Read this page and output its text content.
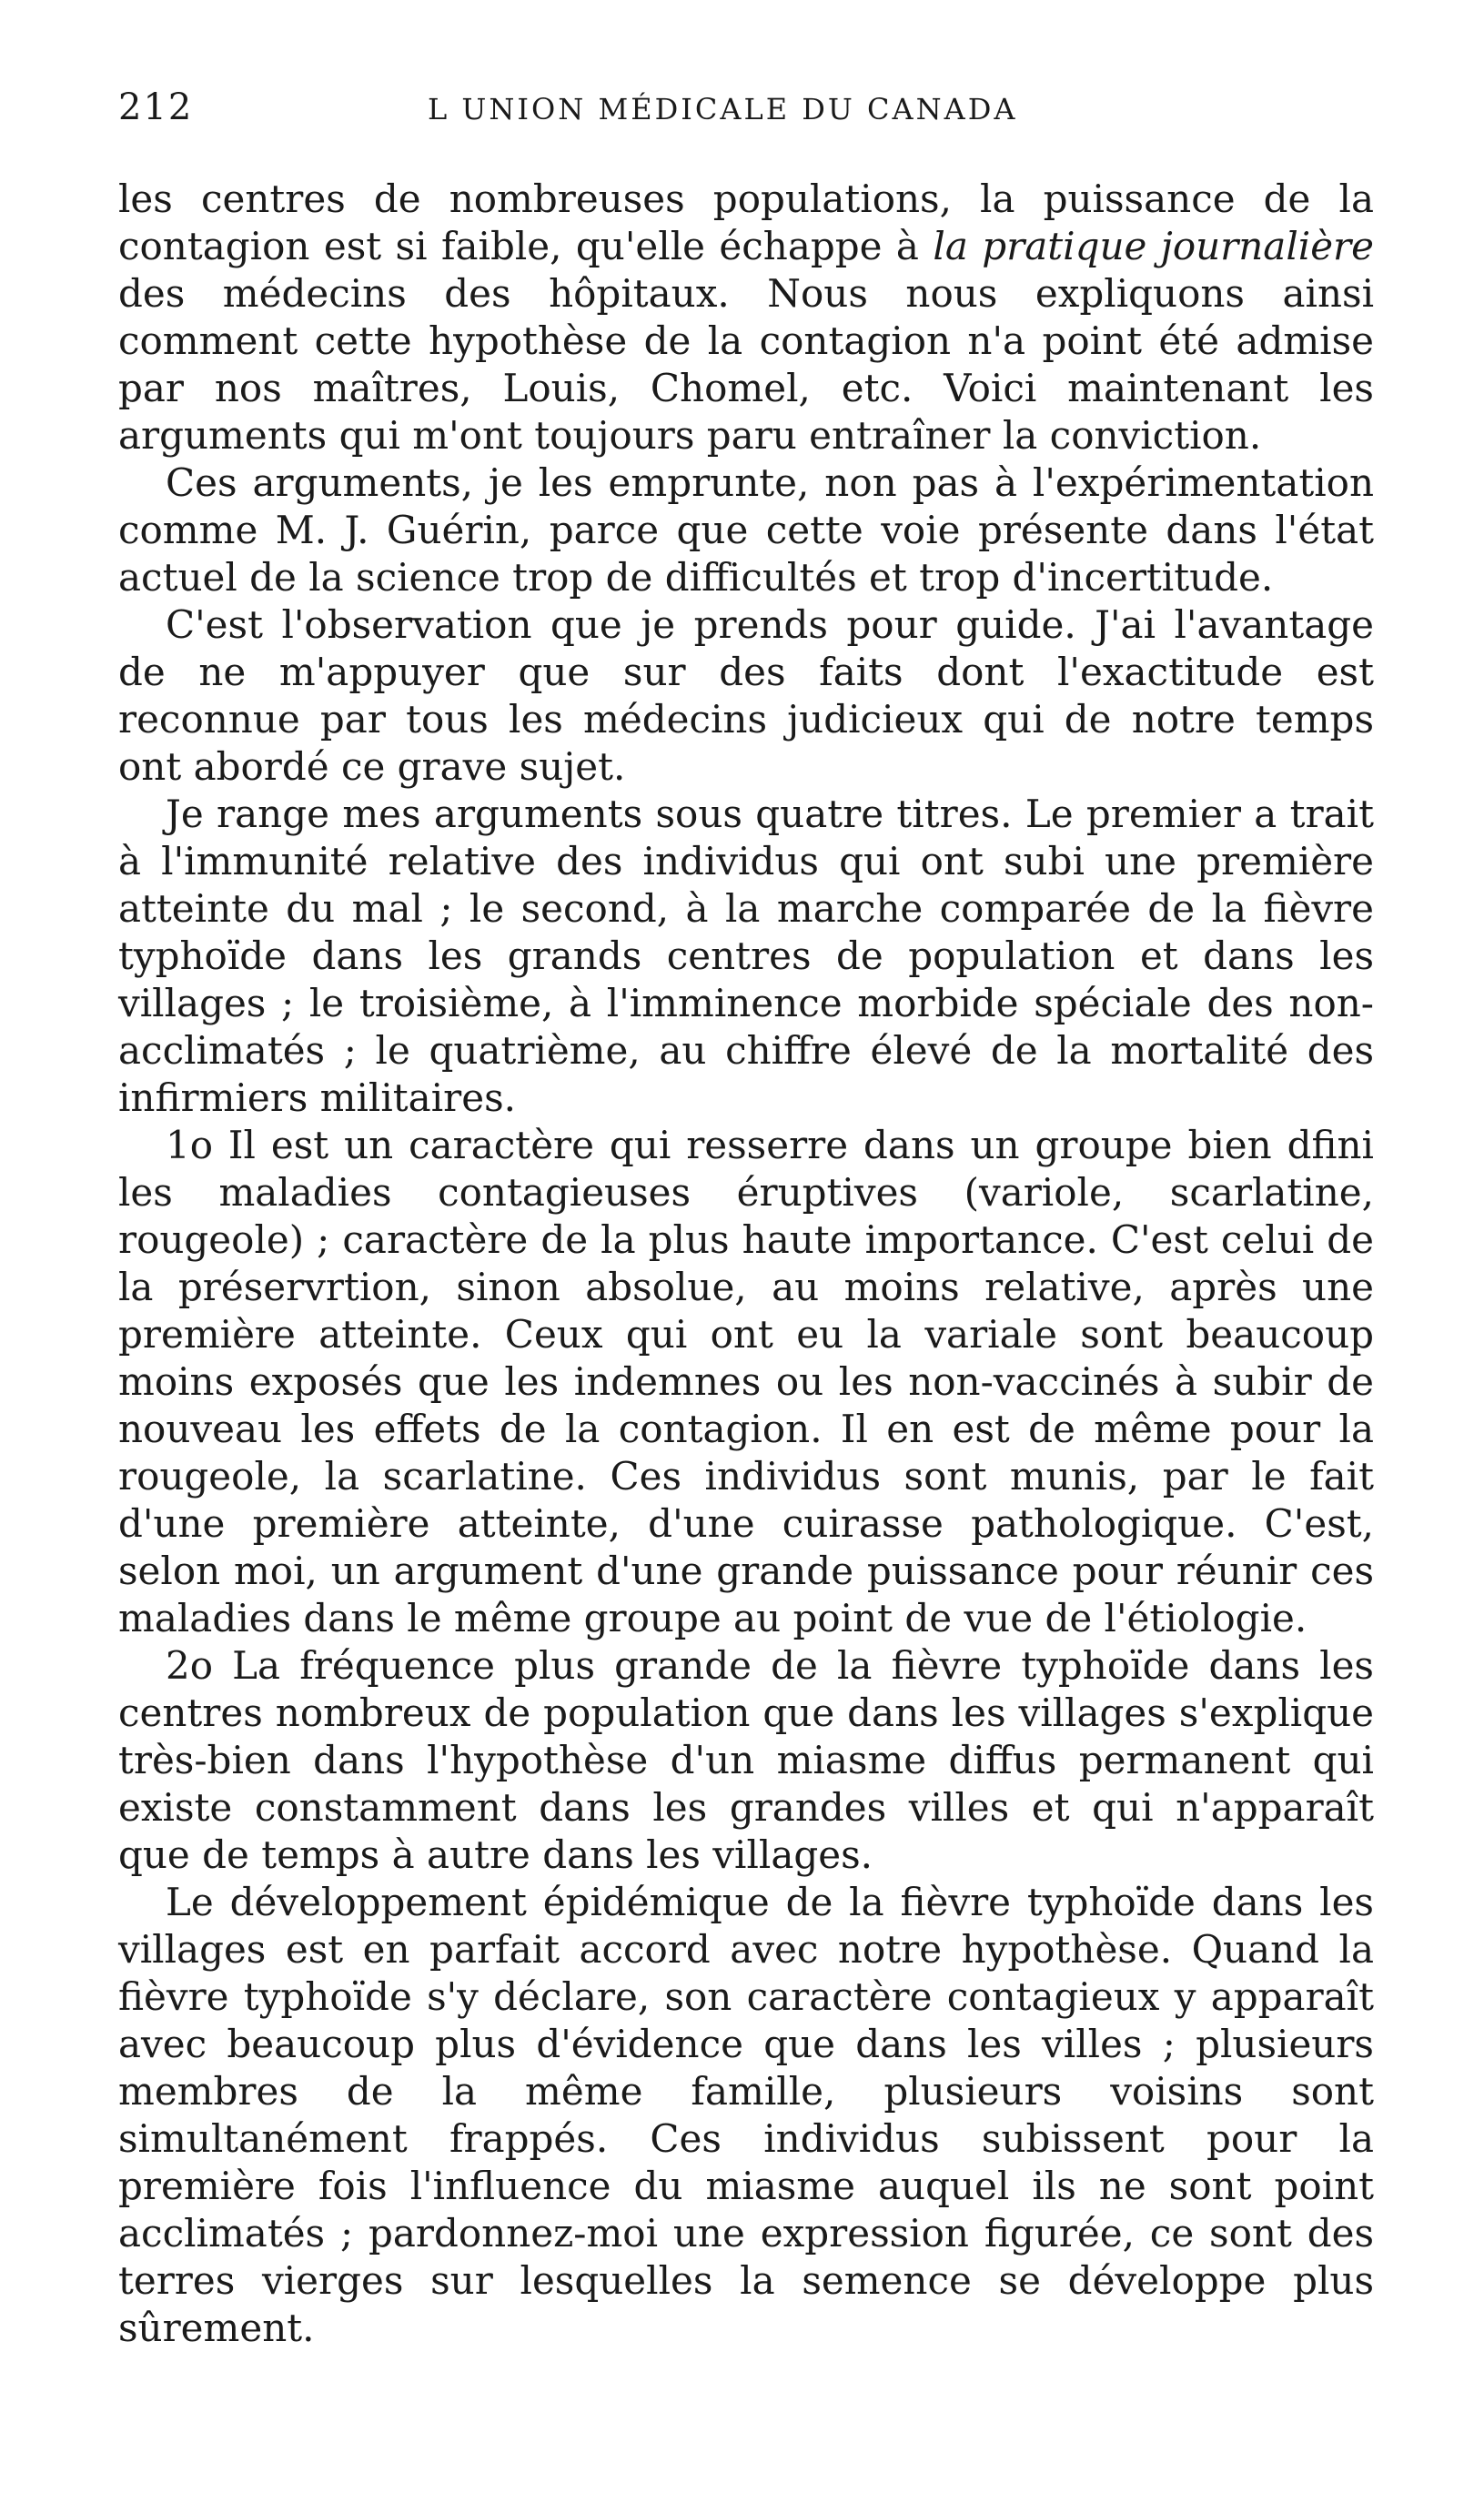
212	L UNION MÉDICALE DU CANADA

les centres de nombreuses populations, la puissance de la contagion est si faible, qu'elle échappe à la pratique journalière des médecins des hôpitaux. Nous nous expliquons ainsi comment cette hypothèse de la contagion n'a point été admise par nos maîtres, Louis, Chomel, etc. Voici maintenant les arguments qui m'ont toujours paru entraîner la conviction.

Ces arguments, je les emprunte, non pas à l'expérimentation comme M. J. Guérin, parce que cette voie présente dans l'état actuel de la science trop de difficultés et trop d'incertitude.

C'est l'observation que je prends pour guide. J'ai l'avantage de ne m'appuyer que sur des faits dont l'exactitude est reconnue par tous les médecins judicieux qui de notre temps ont abordé ce grave sujet.

Je range mes arguments sous quatre titres. Le premier a trait à l'immunité relative des individus qui ont subi une première atteinte du mal ; le second, à la marche comparée de la fièvre typhoïde dans les grands centres de population et dans les villages ; le troisième, à l'imminence morbide spéciale des non-acclimatés ; le quatrième, au chiffre élevé de la mortalité des infirmiers militaires.

1o Il est un caractère qui resserre dans un groupe bien dfini les maladies contagieuses éruptives (variole, scarlatine, rougeole) ; caractère de la plus haute importance. C'est celui de la préservrtion, sinon absolue, au moins relative, après une première atteinte. Ceux qui ont eu la variale sont beaucoup moins exposés que les indemnes ou les non-vaccinés à subir de nouveau les effets de la contagion. Il en est de même pour la rougeole, la scarlatine. Ces individus sont munis, par le fait d'une première atteinte, d'une cuirasse pathologique. C'est, selon moi, un argument d'une grande puissance pour réunir ces maladies dans le même groupe au point de vue de l'étiologie.

2o La fréquence plus grande de la fièvre typhoïde dans les centres nombreux de population que dans les villages s'explique très-bien dans l'hypothèse d'un miasme diffus permanent qui existe constamment dans les grandes villes et qui n'apparaît que de temps à autre dans les villages.

Le développement épidémique de la fièvre typhoïde dans les villages est en parfait accord avec notre hypothèse. Quand la fièvre typhoïde s'y déclare, son caractère contagieux y apparaît avec beaucoup plus d'évidence que dans les villes ; plusieurs membres de la même famille, plusieurs voisins sont simultanément frappés. Ces individus subissent pour la première fois l'influence du miasme auquel ils ne sont point acclimatés ; pardonnez-moi une expression figurée, ce sont des terres vierges sur lesquelles la semence se développe plus sûrement.
